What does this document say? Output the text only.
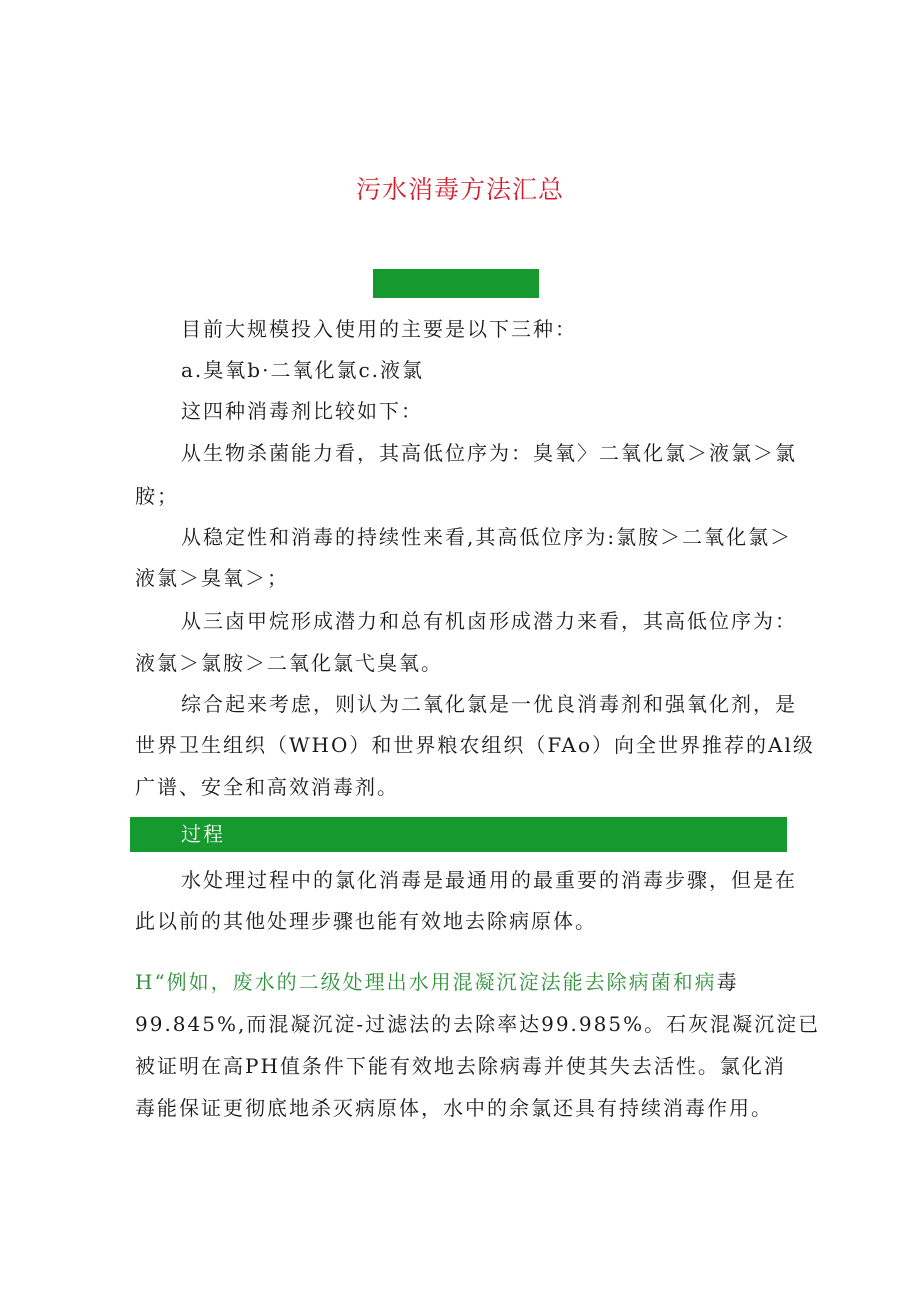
污水消毒方法汇总
常用化学消毒剂
目前大规模投入使用的主要是以下三种：
a.臭氧b·二氧化氯c.液氯
这四种消毒剂比较如下：
从生物杀菌能力看，其高低位序为：臭氧〉二氧化氯＞液氯＞氯
胺；
从稳定性和消毒的持续性来看,其高低位序为:氯胺＞二氧化氯＞
液氯＞臭氧＞；
从三卤甲烷形成潜力和总有机卤形成潜力来看，其高低位序为：
液氯＞氯胺＞二氧化氯弋臭氧。
综合起来考虑，则认为二氧化氯是一优良消毒剂和强氧化剂，是
世界卫生组织（WHO）和世界粮农组织（FAo）向全世界推荐的Al级
广谱、安全和高效消毒剂。
过程
水处理过程中的氯化消毒是最通用的最重要的消毒步骤，但是在
此以前的其他处理步骤也能有效地去除病原体。
H“例如，废水的二级处理出水用混凝沉淀法能去除病菌和病毒
99.845%,而混凝沉淀-过滤法的去除率达99.985%。石灰混凝沉淀已
被证明在高PH值条件下能有效地去除病毒并使其失去活性。氯化消
毒能保证更彻底地杀灭病原体，水中的余氯还具有持续消毒作用。
